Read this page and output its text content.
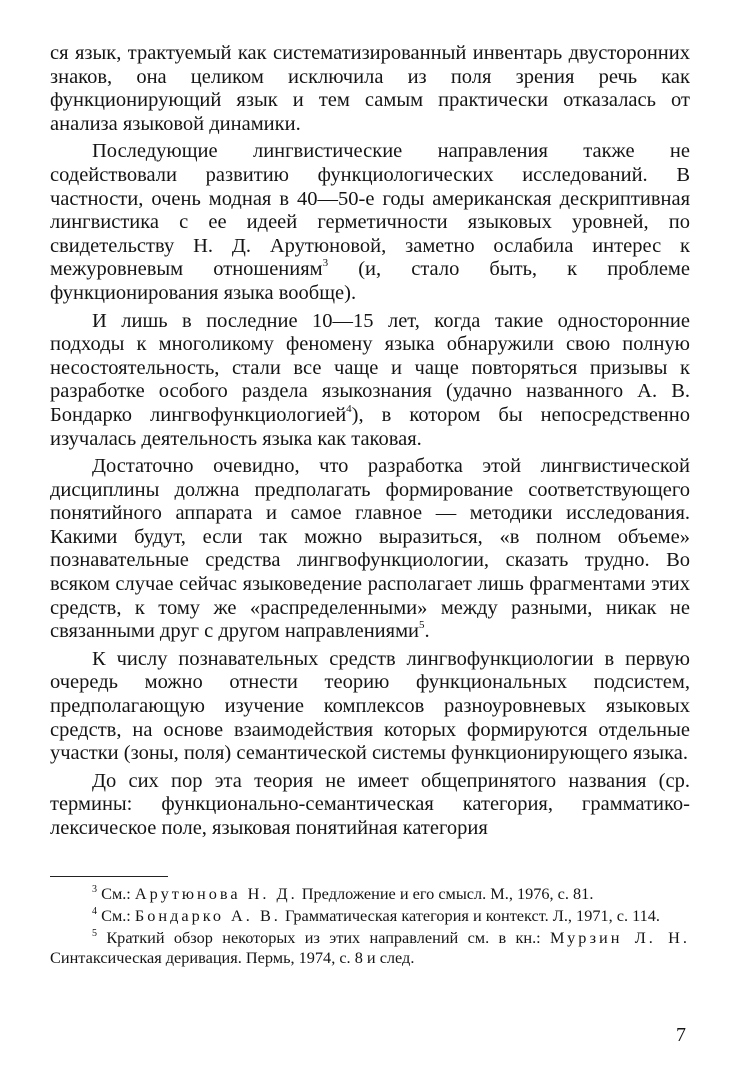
ся язык, трактуемый как систематизированный инвентарь двусторонних знаков, она целиком исключила из поля зрения речь как функционирующий язык и тем самым практически отказалась от анализа языковой динамики.

Последующие лингвистические направления также не содействовали развитию функциологических исследований. В частности, очень модная в 40—50-е годы американская дескриптивная лингвистика с ее идеей герметичности языковых уровней, по свидетельству Н. Д. Арутюновой, заметно ослабила интерес к межуровневым отношениям$^3$ (и, стало быть, к проблеме функционирования языка вообще).

И лишь в последние 10—15 лет, когда такие односторонние подходы к многоликому феномену языка обнаружили свою полную несостоятельность, стали все чаще и чаще повторяться призывы к разработке особого раздела языкознания (удачно названного А. В. Бондарко лингвофункциологией$^4$), в котором бы непосредственно изучалась деятельность языка как таковая.

Достаточно очевидно, что разработка этой лингвистической дисциплины должна предполагать формирование соответствующего понятийного аппарата и самое главное — методики исследования. Какими будут, если так можно выразиться, «в полном объеме» познавательные средства лингвофункциологии, сказать трудно. Во всяком случае сейчас языковедение располагает лишь фрагментами этих средств, к тому же «распределенными» между разными, никак не связанными друг с другом направлениями$^5$.

К числу познавательных средств лингвофункциологии в первую очередь можно отнести теорию функциональных подсистем, предполагающую изучение комплексов разноуровневых языковых средств, на основе взаимодействия которых формируются отдельные участки (зоны, поля) семантической системы функционирующего языка.

До сих пор эта теория не имеет общепринятого названия (ср. термины: функционально-семантическая категория, грамматико-лексическое поле, языковая понятийная категория

$^3$ См.: Арутюнова Н. Д. Предложение и его смысл. М., 1976, с. 81.

$^4$ См.: Бондарко А. В. Грамматическая категория и контекст. Л., 1971, с. 114.

$^5$ Краткий обзор некоторых из этих направлений см. в кн.: Мурзин Л. Н. Синтаксическая деривация. Пермь, 1974, с. 8 и след.

7
